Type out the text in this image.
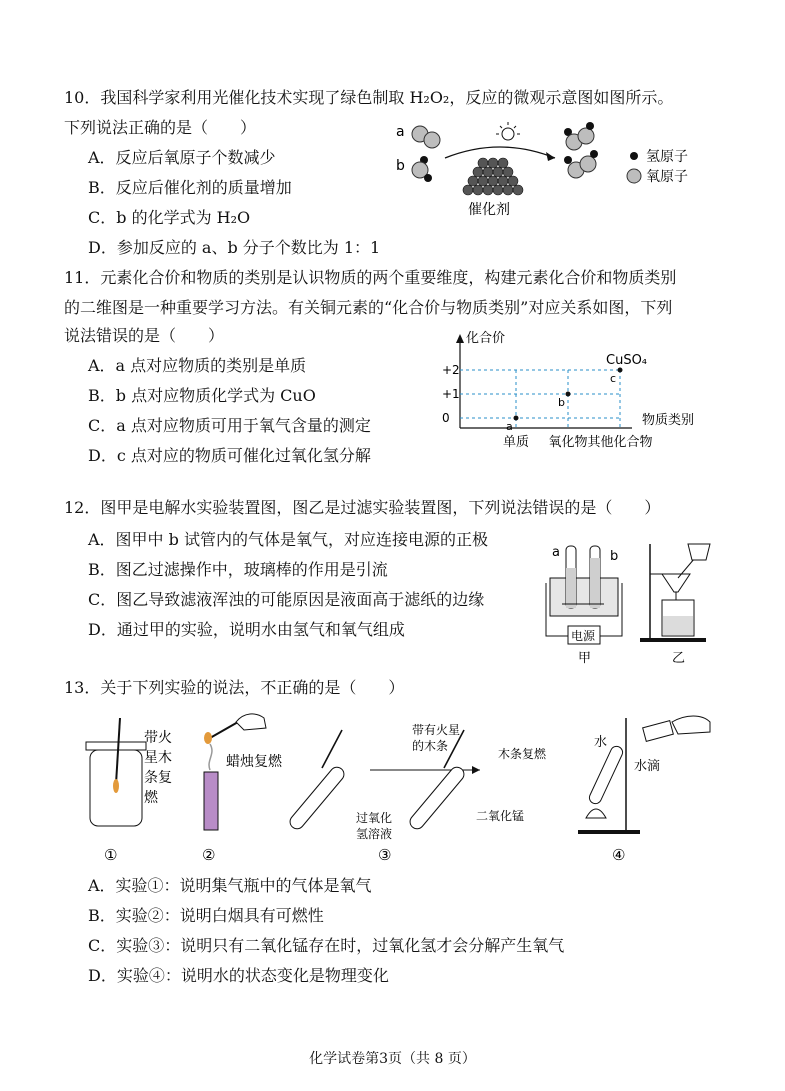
10．我国科学家利用光催化技术实现了绿色制取 H₂O₂，反应的微观示意图如图所示。
下列说法正确的是（　　）
A．反应后氧原子个数减少
B．反应后催化剂的质量增加
C．b 的化学式为 H₂O
D．参加反应的 a、b 分子个数比为 1：1
a
b
催化剂
氢原子
氧原子
11．元素化合价和物质的类别是认识物质的两个重要维度，构建元素化合价和物质类别
的二维图是一种重要学习方法。有关铜元素的“化合价与物质类别”对应关系如图，下列
说法错误的是（　　）
A．a 点对应物质的类别是单质
B．b 点对应物质化学式为 CuO
C．a 点对应物质可用于氧气含量的测定
D．c 点对应的物质可催化过氧化氢分解
化合价
物质类别
0
+1
+2
单质 氧化物 其他化合物
a
b
c
CuSO₄
12．图甲是电解水实验装置图，图乙是过滤实验装置图，下列说法错误的是（　　）
A．图甲中 b 试管内的气体是氧气，对应连接电源的正极
B．图乙过滤操作中，玻璃棒的作用是引流
C．图乙导致滤液浑浊的可能原因是液面高于滤纸的边缘
D．通过甲的实验，说明水由氢气和氧气组成
a	b
电源
甲	乙
13．关于下列实验的说法，不正确的是（　　）
带火
星木
条复
燃
①
蜡烛复燃
②
带有火星
的木条
过氧化
氢溶液
木条复燃
二氧化锰
③
水
水滴
④
A．实验①：说明集气瓶中的气体是氧气
B．实验②：说明白烟具有可燃性
C．实验③：说明只有二氧化锰存在时，过氧化氢才会分解产生氧气
D．实验④：说明水的状态变化是物理变化
化学试卷第3页（共 8 页）
